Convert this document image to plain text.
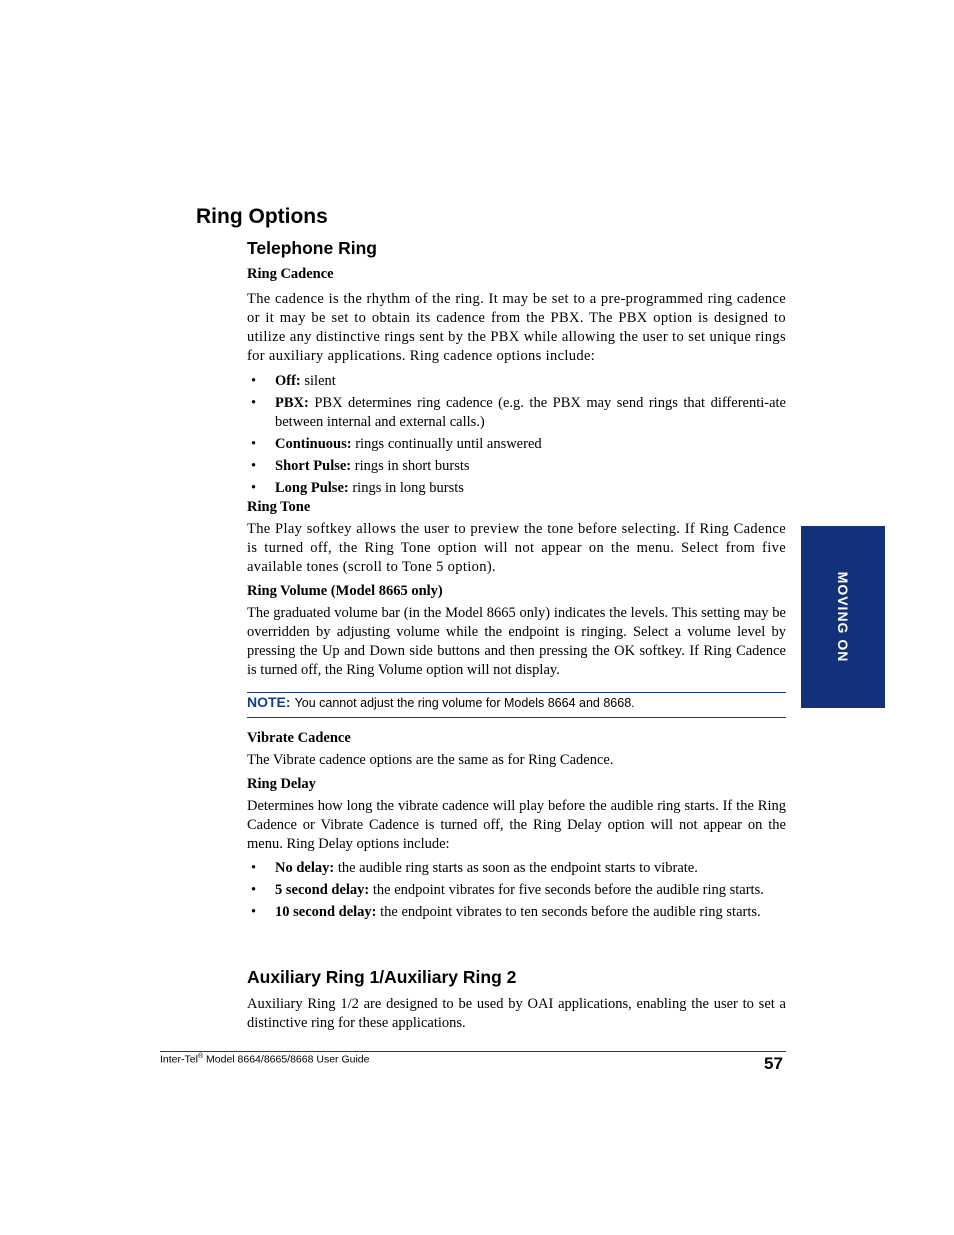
Ring Options
Telephone Ring
Ring Cadence
The cadence is the rhythm of the ring. It may be set to a pre-programmed ring cadence or it may be set to obtain its cadence from the PBX. The PBX option is designed to utilize any distinctive rings sent by the PBX while allowing the user to set unique rings for auxiliary applications. Ring cadence options include:
• Off: silent
• PBX: PBX determines ring cadence (e.g. the PBX may send rings that differenti-ate between internal and external calls.)
• Continuous: rings continually until answered
• Short Pulse: rings in short bursts
• Long Pulse: rings in long bursts
Ring Tone
The Play softkey allows the user to preview the tone before selecting. If Ring Cadence is turned off, the Ring Tone option will not appear on the menu. Select from five available tones (scroll to Tone 5 option).
Ring Volume (Model 8665 only)
The graduated volume bar (in the Model 8665 only) indicates the levels. This setting may be overridden by adjusting volume while the endpoint is ringing. Select a volume level by pressing the Up and Down side buttons and then pressing the OK softkey. If Ring Cadence is turned off, the Ring Volume option will not display.
NOTE: You cannot adjust the ring volume for Models 8664 and 8668.
Vibrate Cadence
The Vibrate cadence options are the same as for Ring Cadence.
Ring Delay
Determines how long the vibrate cadence will play before the audible ring starts. If the Ring Cadence or Vibrate Cadence is turned off, the Ring Delay option will not appear on the menu. Ring Delay options include:
• No delay: the audible ring starts as soon as the endpoint starts to vibrate.
• 5 second delay: the endpoint vibrates for five seconds before the audible ring starts.
• 10 second delay: the endpoint vibrates to ten seconds before the audible ring starts.
Auxiliary Ring 1/Auxiliary Ring 2
Auxiliary Ring 1/2 are designed to be used by OAI applications, enabling the user to set a distinctive ring for these applications.
MOVING ON
Inter-Tel® Model 8664/8665/8668 User Guide	57
